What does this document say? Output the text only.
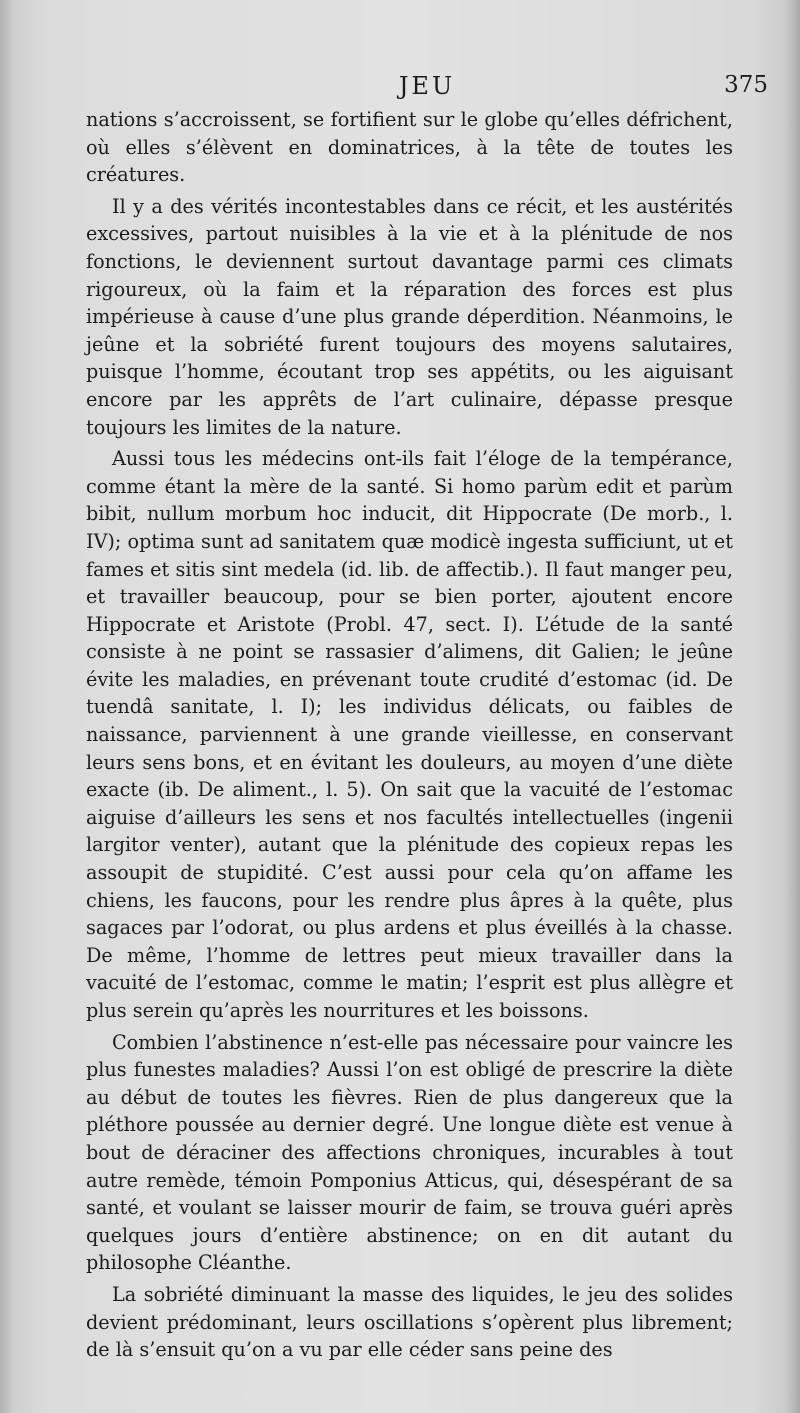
JEU	375

nations s’accroissent, se fortifient sur le globe qu’elles défrichent, où elles s’élèvent en dominatrices, à la tête de toutes les créatures.

Il y a des vérités incontestables dans ce récit, et les austérités excessives, partout nuisibles à la vie et à la plénitude de nos fonctions, le deviennent surtout davantage parmi ces climats rigoureux, où la faim et la réparation des forces est plus impérieuse à cause d’une plus grande déperdition. Néanmoins, le jeûne et la sobriété furent toujours des moyens salutaires, puisque l’homme, écoutant trop ses appétits, ou les aiguisant encore par les apprêts de l’art culinaire, dépasse presque toujours les limites de la nature.

Aussi tous les médecins ont-ils fait l’éloge de la tempérance, comme étant la mère de la santé. Si homo parùm edit et parùm bibit, nullum morbum hoc inducit, dit Hippocrate (De morb., l. IV); optima sunt ad sanitatem quæ modicè ingesta sufficiunt, ut et fames et sitis sint medela (id. lib. de affectib.). Il faut manger peu, et travailler beaucoup, pour se bien porter, ajoutent encore Hippocrate et Aristote (Probl. 47, sect. I). L’étude de la santé consiste à ne point se rassasier d’alimens, dit Galien; le jeûne évite les maladies, en prévenant toute crudité d’estomac (id. De tuendâ sanitate, l. I); les individus délicats, ou faibles de naissance, parviennent à une grande vieillesse, en conservant leurs sens bons, et en évitant les douleurs, au moyen d’une diète exacte (ib. De aliment., l. 5). On sait que la vacuité de l’estomac aiguise d’ailleurs les sens et nos facultés intellectuelles (ingenii largitor venter), autant que la plénitude des copieux repas les assoupit de stupidité. C’est aussi pour cela qu’on affame les chiens, les faucons, pour les rendre plus âpres à la quête, plus sagaces par l’odorat, ou plus ardens et plus éveillés à la chasse. De même, l’homme de lettres peut mieux travailler dans la vacuité de l’estomac, comme le matin; l’esprit est plus allègre et plus serein qu’après les nourritures et les boissons.

Combien l’abstinence n’est-elle pas nécessaire pour vaincre les plus funestes maladies? Aussi l’on est obligé de prescrire la diète au début de toutes les fièvres. Rien de plus dangereux que la pléthore poussée au dernier degré. Une longue diète est venue à bout de déraciner des affections chroniques, incurables à tout autre remède, témoin Pomponius Atticus, qui, désespérant de sa santé, et voulant se laisser mourir de faim, se trouva guéri après quelques jours d’entière abstinence; on en dit autant du philosophe Cléanthe.

La sobriété diminuant la masse des liquides, le jeu des solides devient prédominant, leurs oscillations s’opèrent plus librement; de là s’ensuit qu’on a vu par elle céder sans peine des
